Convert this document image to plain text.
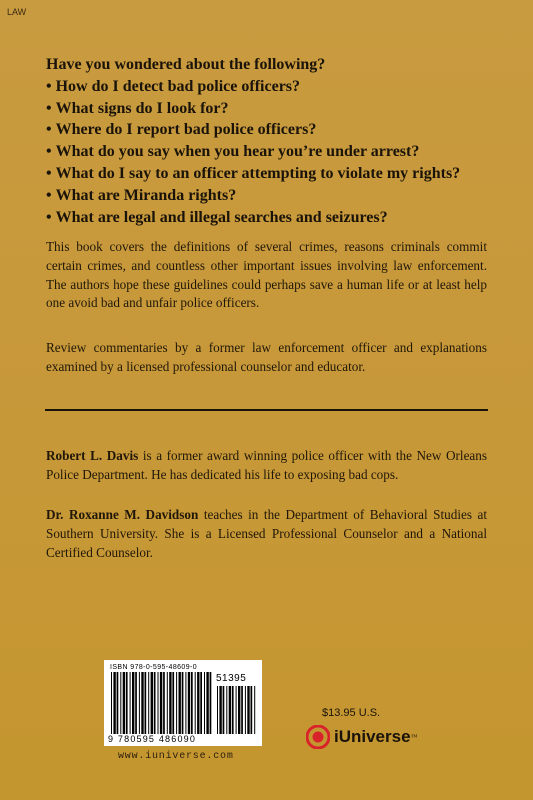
LAW
Have you wondered about the following?
• How do I detect bad police officers?
• What signs do I look for?
• Where do I report bad police officers?
• What do you say when you hear you’re under arrest?
• What do I say to an officer attempting to violate my rights?
• What are Miranda rights?
• What are legal and illegal searches and seizures?

This book covers the definitions of several crimes, reasons criminals commit certain crimes, and countless other important issues involving law enforcement. The authors hope these guidelines could perhaps save a human life or at least help one avoid bad and unfair police officers.

Review commentaries by a former law enforcement officer and explanations examined by a licensed professional counselor and educator.

Robert L. Davis is a former award winning police officer with the New Orleans Police Department. He has dedicated his life to exposing bad cops.

Dr. Roxanne M. Davidson teaches in the Department of Behavioral Studies at Southern University. She is a Licensed Professional Counselor and a National Certified Counselor.

ISBN 978-0-595-48609-0
51395
9 780595 486090
www.iuniverse.com
$13.95 U.S.
iUniverse ™
